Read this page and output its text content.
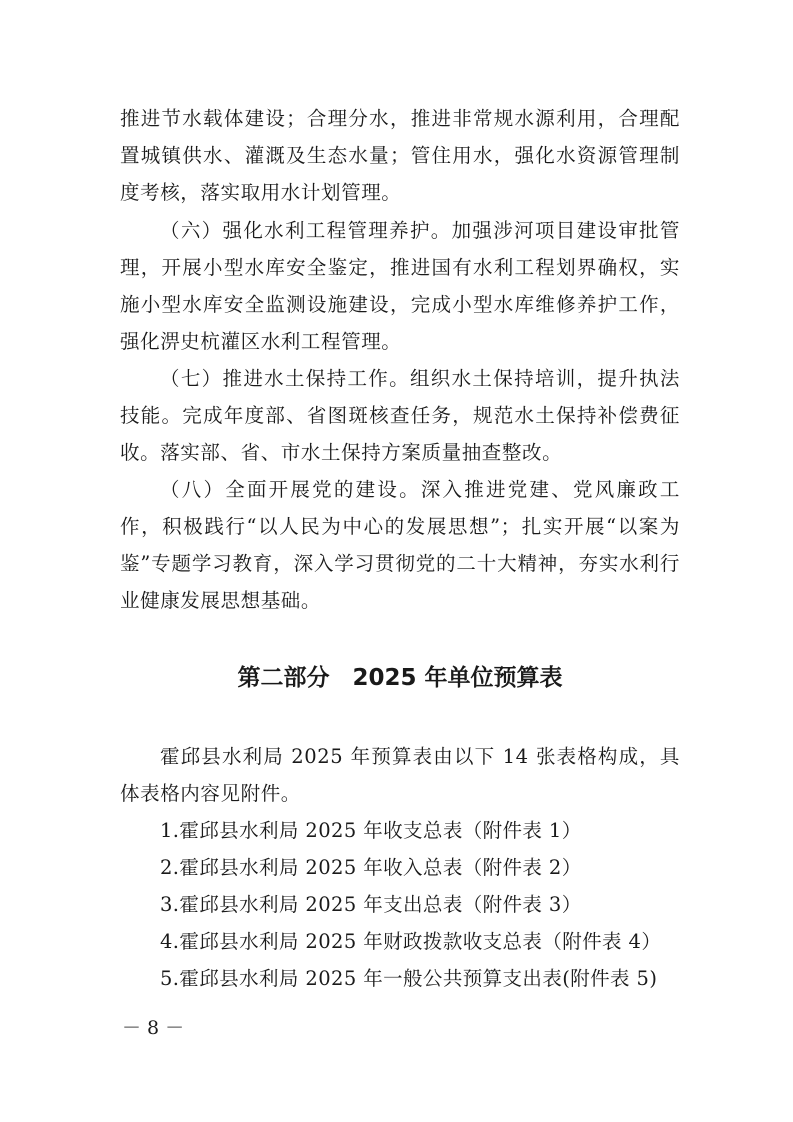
推进节水载体建设；合理分水，推进非常规水源利用，合理配置城镇供水、灌溉及生态水量；管住用水，强化水资源管理制度考核，落实取用水计划管理。

（六）强化水利工程管理养护。加强涉河项目建设审批管理，开展小型水库安全鉴定，推进国有水利工程划界确权，实施小型水库安全监测设施建设，完成小型水库维修养护工作，强化淠史杭灌区水利工程管理。

（七）推进水土保持工作。组织水土保持培训，提升执法技能。完成年度部、省图斑核查任务，规范水土保持补偿费征收。落实部、省、市水土保持方案质量抽查整改。

（八）全面开展党的建设。深入推进党建、党风廉政工作，积极践行“以人民为中心的发展思想”；扎实开展“以案为鉴”专题学习教育，深入学习贯彻党的二十大精神，夯实水利行业健康发展思想基础。

第二部分　2025 年单位预算表

霍邱县水利局 2025 年预算表由以下 14 张表格构成，具体表格内容见附件。

1.霍邱县水利局 2025 年收支总表（附件表 1）
2.霍邱县水利局 2025 年收入总表（附件表 2）
3.霍邱县水利局 2025 年支出总表（附件表 3）
4.霍邱县水利局 2025 年财政拨款收支总表（附件表 4）
5.霍邱县水利局 2025 年一般公共预算支出表(附件表 5)
－ 8 －
